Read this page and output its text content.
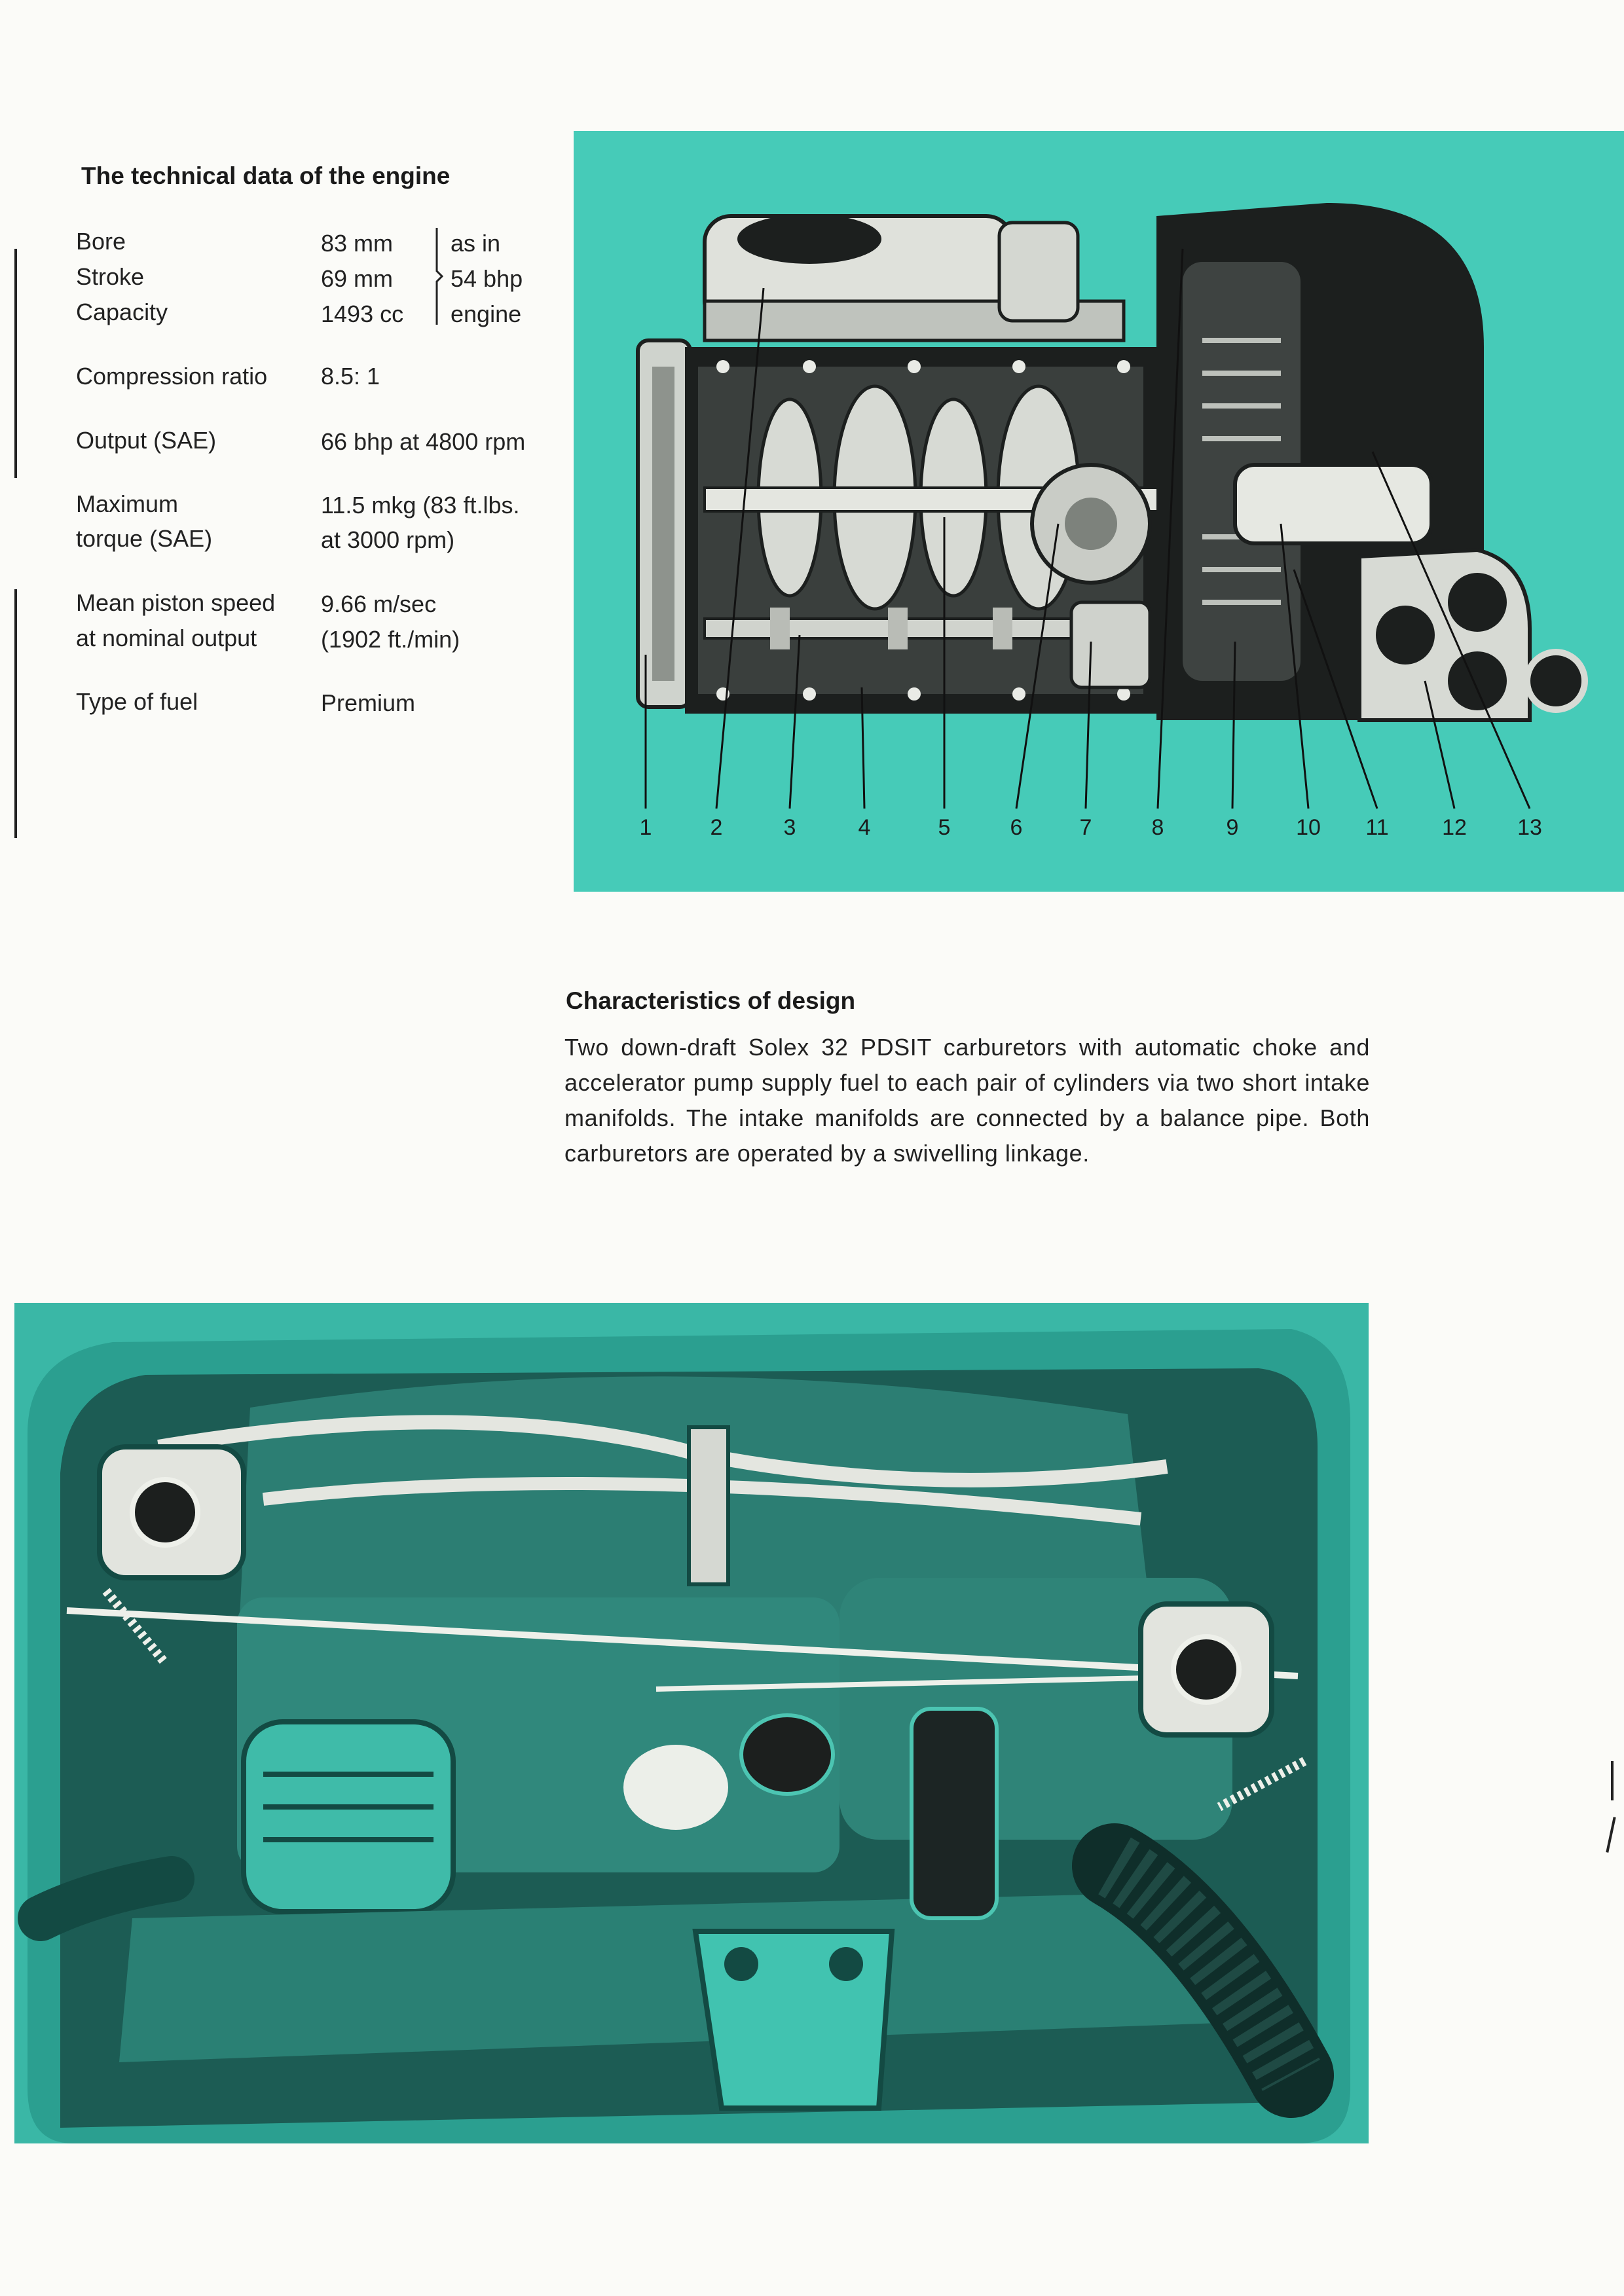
The technical data of the engine
Bore	83 mm
Stroke	69 mm
Capacity	1493 cc
Compression ratio 8.5: 1
Output (SAE)	66 bhp at 4800 rpm
Maximum	11.5 mkg (83 ft.lbs.
torque (SAE)	at 3000 rpm)
Mean piston speed 9.66 m/sec
at nominal output	(1902 ft./min)
Type of fuel	Premium
as in
54 bhp
engine
1	2	3	4	5	6	7	8	9	10	11	12	13
Characteristics of design
Two down-draft Solex 32 PDSIT carburetors with automatic choke and accelerator pump supply fuel to each pair of cylinders via two short intake manifolds. The intake manifolds are connected by a balance pipe. Both carburetors are operated by a swivelling linkage.
